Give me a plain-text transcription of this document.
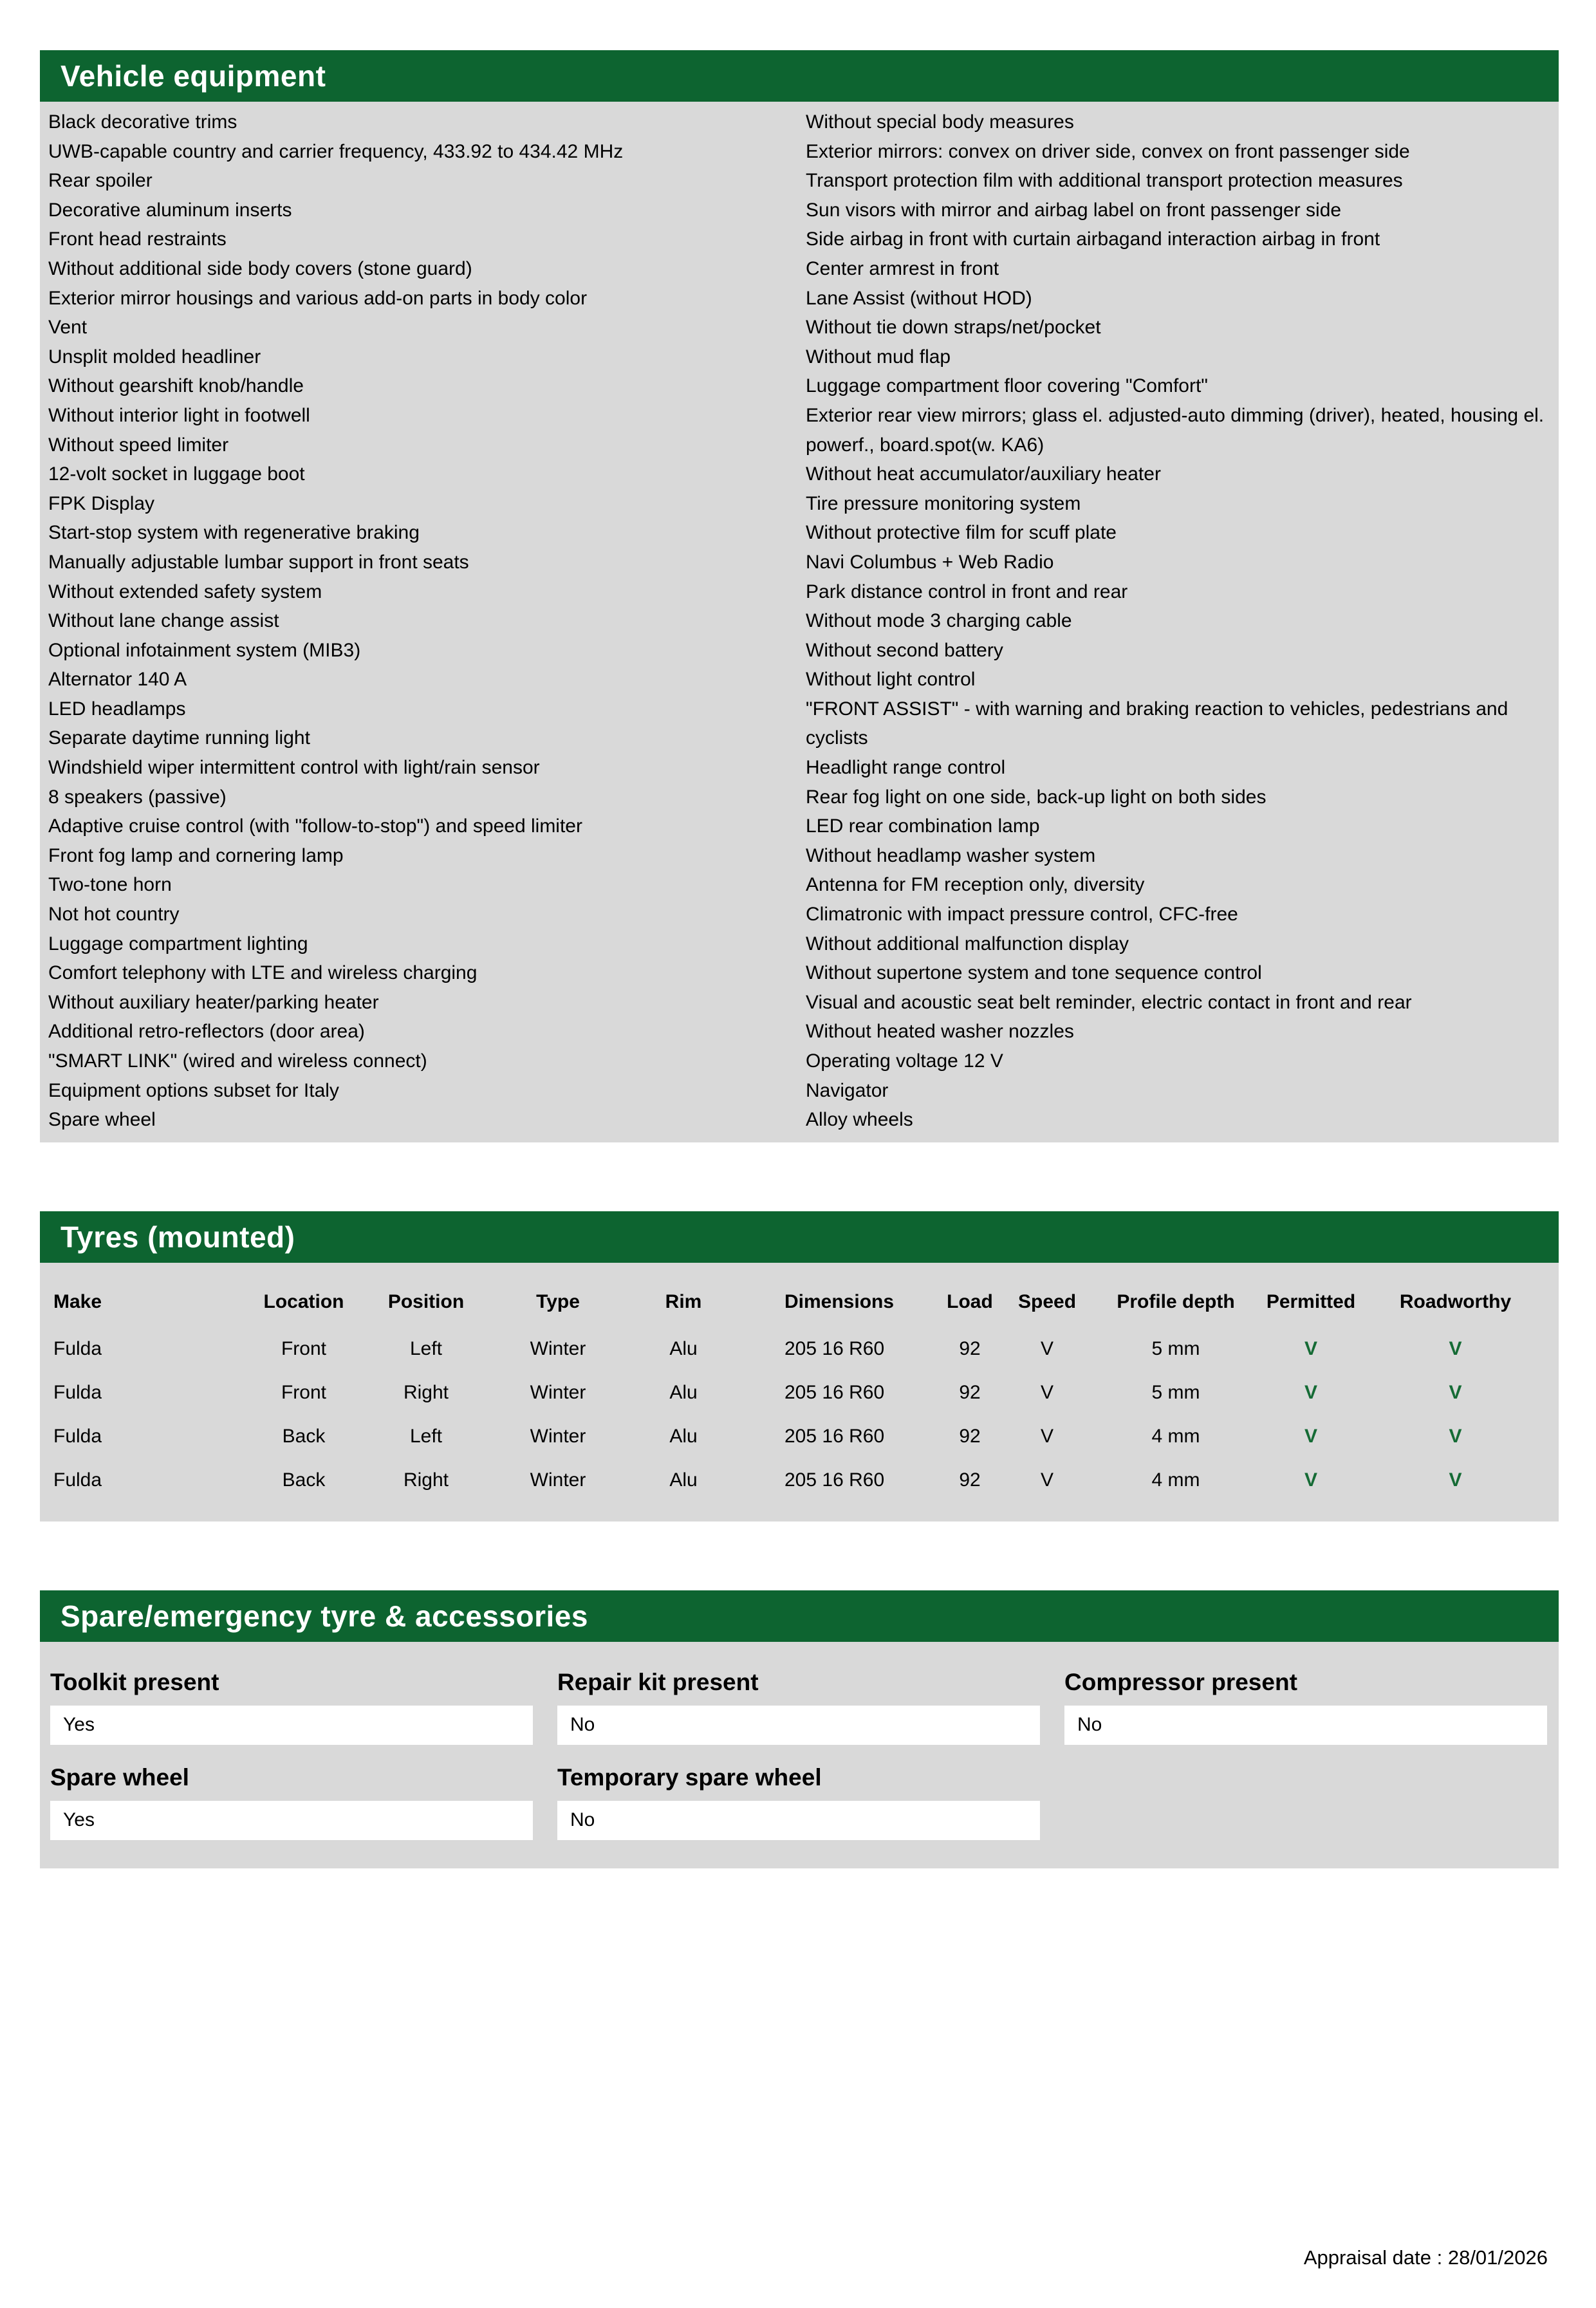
Vehicle equipment
Black decorative trims
UWB-capable country and carrier frequency, 433.92 to 434.42 MHz
Rear spoiler
Decorative aluminum inserts
Front head restraints
Without additional side body covers (stone guard)
Exterior mirror housings and various add-on parts in body color
Vent
Unsplit molded headliner
Without gearshift knob/handle
Without interior light in footwell
Without speed limiter
12-volt socket in luggage boot
FPK Display
Start-stop system with regenerative braking
Manually adjustable lumbar support in front seats
Without extended safety system
Without lane change assist
Optional infotainment system (MIB3)
Alternator 140 A
LED headlamps
Separate daytime running light
Windshield wiper intermittent control with light/rain sensor
8 speakers (passive)
Adaptive cruise control (with "follow-to-stop") and speed limiter
Front fog lamp and cornering lamp
Two-tone horn
Not hot country
Luggage compartment lighting
Comfort telephony with LTE and wireless charging
Without auxiliary heater/parking heater
Additional retro-reflectors (door area)
"SMART LINK" (wired and wireless connect)
Equipment options subset for Italy
Spare wheel
Without special body measures
Exterior mirrors: convex on driver side, convex on front passenger side
Transport protection film with additional transport protection measures
Sun visors with mirror and airbag label on front passenger side
Side airbag in front with curtain airbagand interaction airbag in front
Center armrest in front
Lane Assist (without HOD)
Without tie down straps/net/pocket
Without mud flap
Luggage compartment floor covering "Comfort"
Exterior rear view mirrors; glass el. adjusted-auto dimming (driver), heated, housing el. powerf., board.spot(w. KA6)
Without heat accumulator/auxiliary heater
Tire pressure monitoring system
Without protective film for scuff plate
Navi Columbus + Web Radio
Park distance control in front and rear
Without mode 3 charging cable
Without second battery
Without light control
"FRONT ASSIST" - with warning and braking reaction to vehicles, pedestrians and cyclists
Headlight range control
Rear fog light on one side, back-up light on both sides
LED rear combination lamp
Without headlamp washer system
Antenna for FM reception only, diversity
Climatronic with impact pressure control, CFC-free
Without additional malfunction display
Without supertone system and tone sequence control
Visual and acoustic seat belt reminder, electric contact in front and rear
Without heated washer nozzles
Operating voltage 12 V
Navigator
Alloy wheels
Tyres (mounted)
Make	Location	Position	Type	Rim	Dimensions	Load	Speed	Profile depth	Permitted	Roadworthy
Fulda	Front	Left	Winter	Alu	205 16 R60	92	V	5 mm	V	V
Fulda	Front	Right	Winter	Alu	205 16 R60	92	V	5 mm	V	V
Fulda	Back	Left	Winter	Alu	205 16 R60	92	V	4 mm	V	V
Fulda	Back	Right	Winter	Alu	205 16 R60	92	V	4 mm	V	V
Spare/emergency tyre & accessories
Toolkit present
Yes
Repair kit present
No
Compressor present
No
Spare wheel
Yes
Temporary spare wheel
No
Appraisal date : 28/01/2026
